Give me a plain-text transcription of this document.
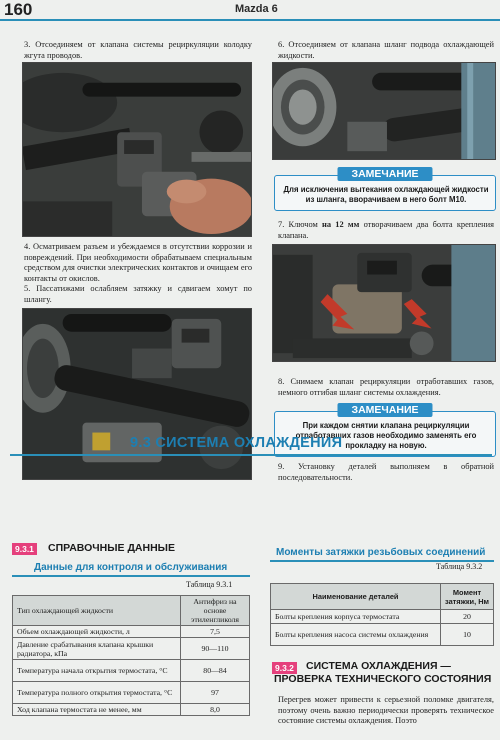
160	Mazda 6

3. Отсоединяем от клапана системы рециркуляции колодку жгута проводов.

4. Осматриваем разъем и убеждаемся в отсутствии коррозии и повреждений. При необходимости обрабатываем специальным средством для очистки электрических контактов и очищаем его контакты от окислов.

5. Пассатижами ослабляем затяжку и сдвигаем хомут по шлангу.

6. Отсоединяем от клапана шланг подвода охлаждающей жидкости.

ЗАМЕЧАНИЕ

Для исключения вытекания охлаждающей жидкости из шланга, вворачиваем в него болт М10.

7. Ключом на 12 мм отворачиваем два болта крепления клапана.

8. Снимаем клапан рециркуляции отработавших газов, немного отгибая шланг системы охлаждения.

ЗАМЕЧАНИЕ

При каждом снятии клапана рециркуляции отработавших газов необходимо заменять его прокладку на новую.

9. Установку деталей выполняем в обратной последовательности.

9.3 СИСТЕМА ОХЛАЖДЕНИЯ
9.3.1 СПРАВОЧНЫЕ ДАННЫЕ
Данные для контроля и обслуживания
Таблица 9.3.1
Тип охлаждающей жидкости	Антифриз на основе этиленгликоля
Объем охлаждающей жидкости, л	7,5
Давление срабатывания клапана крышки радиатора, кПа	90—110
Температура начала открытия термостата, °С	80—84
Температура полного открытия термостата, °С	97
Ход клапана термостата не менее, мм	8,0
Моменты затяжки резьбовых соединений
Таблица 9.3.2
Наименование деталей	Момент затяжки, Нм
Болты крепления корпуса термостата	20
Болты крепления насоса системы охлаждения	10
9.3.2 СИСТЕМА ОХЛАЖДЕНИЯ —
ПРОВЕРКА ТЕХНИЧЕСКОГО СОСТОЯНИЯ

Перегрев может привести к серьезной поломке двигателя, поэтому очень важно периодически проверять техническое состояние системы охлаждения. Поэто
